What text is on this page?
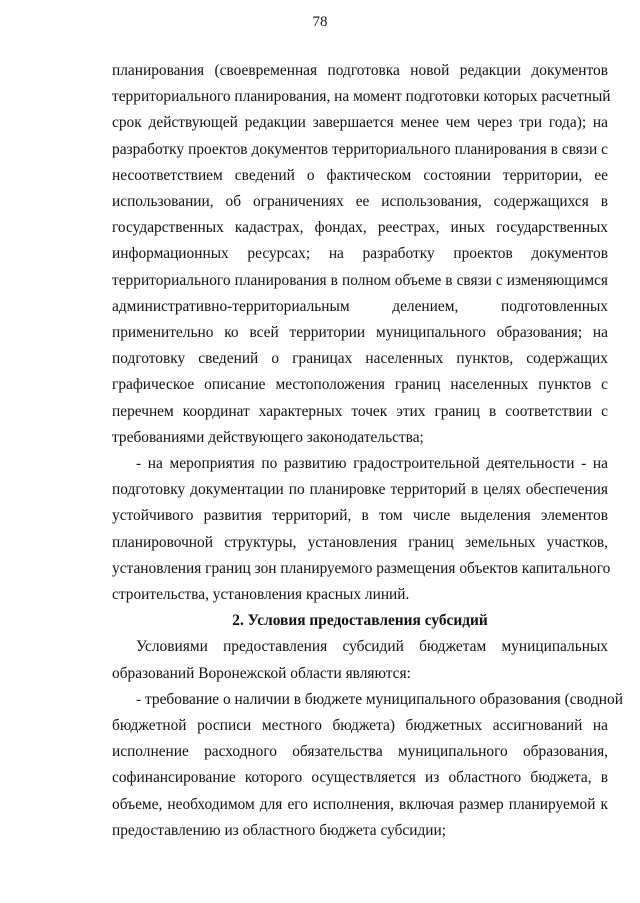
78
планирования (своевременная подготовка новой редакции документов
территориального планирования, на момент подготовки которых расчетный
срок действующей редакции завершается менее чем через три года); на
разработку проектов документов территориального планирования в связи с
несоответствием сведений о фактическом состоянии территории, ее
использовании, об ограничениях ее использования, содержащихся в
государственных кадастрах, фондах, реестрах, иных государственных
информационных ресурсах; на разработку проектов документов
территориального планирования в полном объеме в связи с изменяющимся
административно-территориальным делением, подготовленных
применительно ко всей территории муниципального образования; на
подготовку сведений о границах населенных пунктов, содержащих
графическое описание местоположения границ населенных пунктов с
перечнем координат характерных точек этих границ в соответствии с
требованиями действующего законодательства;
- на мероприятия по развитию градостроительной деятельности - на
подготовку документации по планировке территорий в целях обеспечения
устойчивого развития территорий, в том числе выделения элементов
планировочной структуры, установления границ земельных участков,
установления границ зон планируемого размещения объектов капитального
строительства, установления красных линий.
2. Условия предоставления субсидий
Условиями предоставления субсидий бюджетам муниципальных
образований Воронежской области являются:
- требование о наличии в бюджете муниципального образования (сводной
бюджетной росписи местного бюджета) бюджетных ассигнований на
исполнение расходного обязательства муниципального образования,
софинансирование которого осуществляется из областного бюджета, в
объеме, необходимом для его исполнения, включая размер планируемой к
предоставлению из областного бюджета субсидии;
